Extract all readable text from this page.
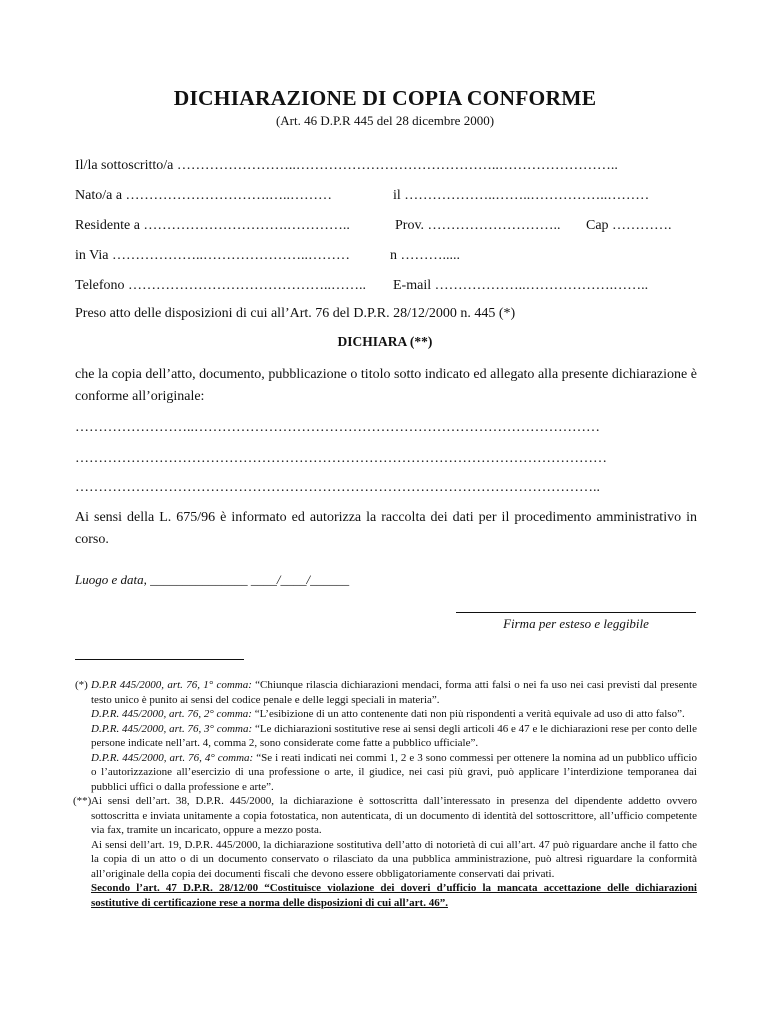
DICHIARAZIONE DI COPIA CONFORME
(Art. 46 D.P.R 445 del 28 dicembre 2000)
Il/la sottoscritto/a ……………………..……………………………………..……………………..
Nato/a a ………………………….…..………	il ………………..……..……………..………
Residente a ………………………….…………..	Prov. ……………………….. Cap ………….
in Via ………………..…………………..………	n ……….....
Telefono ……………………………………..…….. E-mail ………………..……………….……..
Preso atto delle disposizioni di cui all’Art. 76 del D.P.R. 28/12/2000 n. 445 (*)
DICHIARA (**)
che la copia dell’atto, documento, pubblicazione o titolo sotto indicato ed allegato alla presente dichiarazione è conforme all’originale:
……………………..……………………………………………………………………………
……………………………………………………………………………………………………
…………………………………………………………………………………………………..
Ai sensi della L. 675/96 è informato ed autorizza la raccolta dei dati per il procedimento amministrativo in corso.
Luogo e data, _______________ ____/____/______
Firma per esteso e leggibile
(*) D.P.R 445/2000, art. 76, 1° comma: “Chiunque rilascia dichiarazioni mendaci, forma atti falsi o nei fa uso nei casi previsti dal presente testo unico è punito ai sensi del codice penale e delle leggi speciali in materia”.

D.P.R. 445/2000, art. 76, 2° comma: “L’esibizione di un atto contenente dati non più rispondenti a verità equivale ad uso di atto falso”.

D.P.R. 445/2000, art. 76, 3° comma: “Le dichiarazioni sostitutive rese ai sensi degli articoli 46 e 47 e le dichiarazioni rese per conto delle persone indicate nell’art. 4, comma 2, sono considerate come fatte a pubblico ufficiale”.

D.P.R. 445/2000, art. 76, 4° comma: “Se i reati indicati nei commi 1, 2 e 3 sono commessi per ottenere la nomina ad un pubblico ufficio o l’autorizzazione all’esercizio di una professione o arte, il giudice, nei casi più gravi, può applicare l’interdizione temporanea dai pubblici uffici o dalla professione e arte”.

(**) Ai sensi dell’art. 38, D.P.R. 445/2000, la dichiarazione è sottoscritta dall’interessato in presenza del dipendente addetto ovvero sottoscritta e inviata unitamente a copia fotostatica, non autenticata, di un documento di identità del sottoscrittore, all’ufficio competente via fax, tramite un incaricato, oppure a mezzo posta.

Ai sensi dell’art. 19, D.P.R. 445/2000, la dichiarazione sostitutiva dell’atto di notorietà di cui all’art. 47 può riguardare anche il fatto che la copia di un atto o di un documento conservato o rilasciato da una pubblica amministrazione, può altresì riguardare la conformità all’originale della copia dei documenti fiscali che devono essere obbligatoriamente conservati dai privati.

Secondo l’art. 47 D.P.R. 28/12/00 “Costituisce violazione dei doveri d’ufficio la mancata accettazione delle dichiarazioni sostitutive di certificazione rese a norma delle disposizioni di cui all’art. 46”.
